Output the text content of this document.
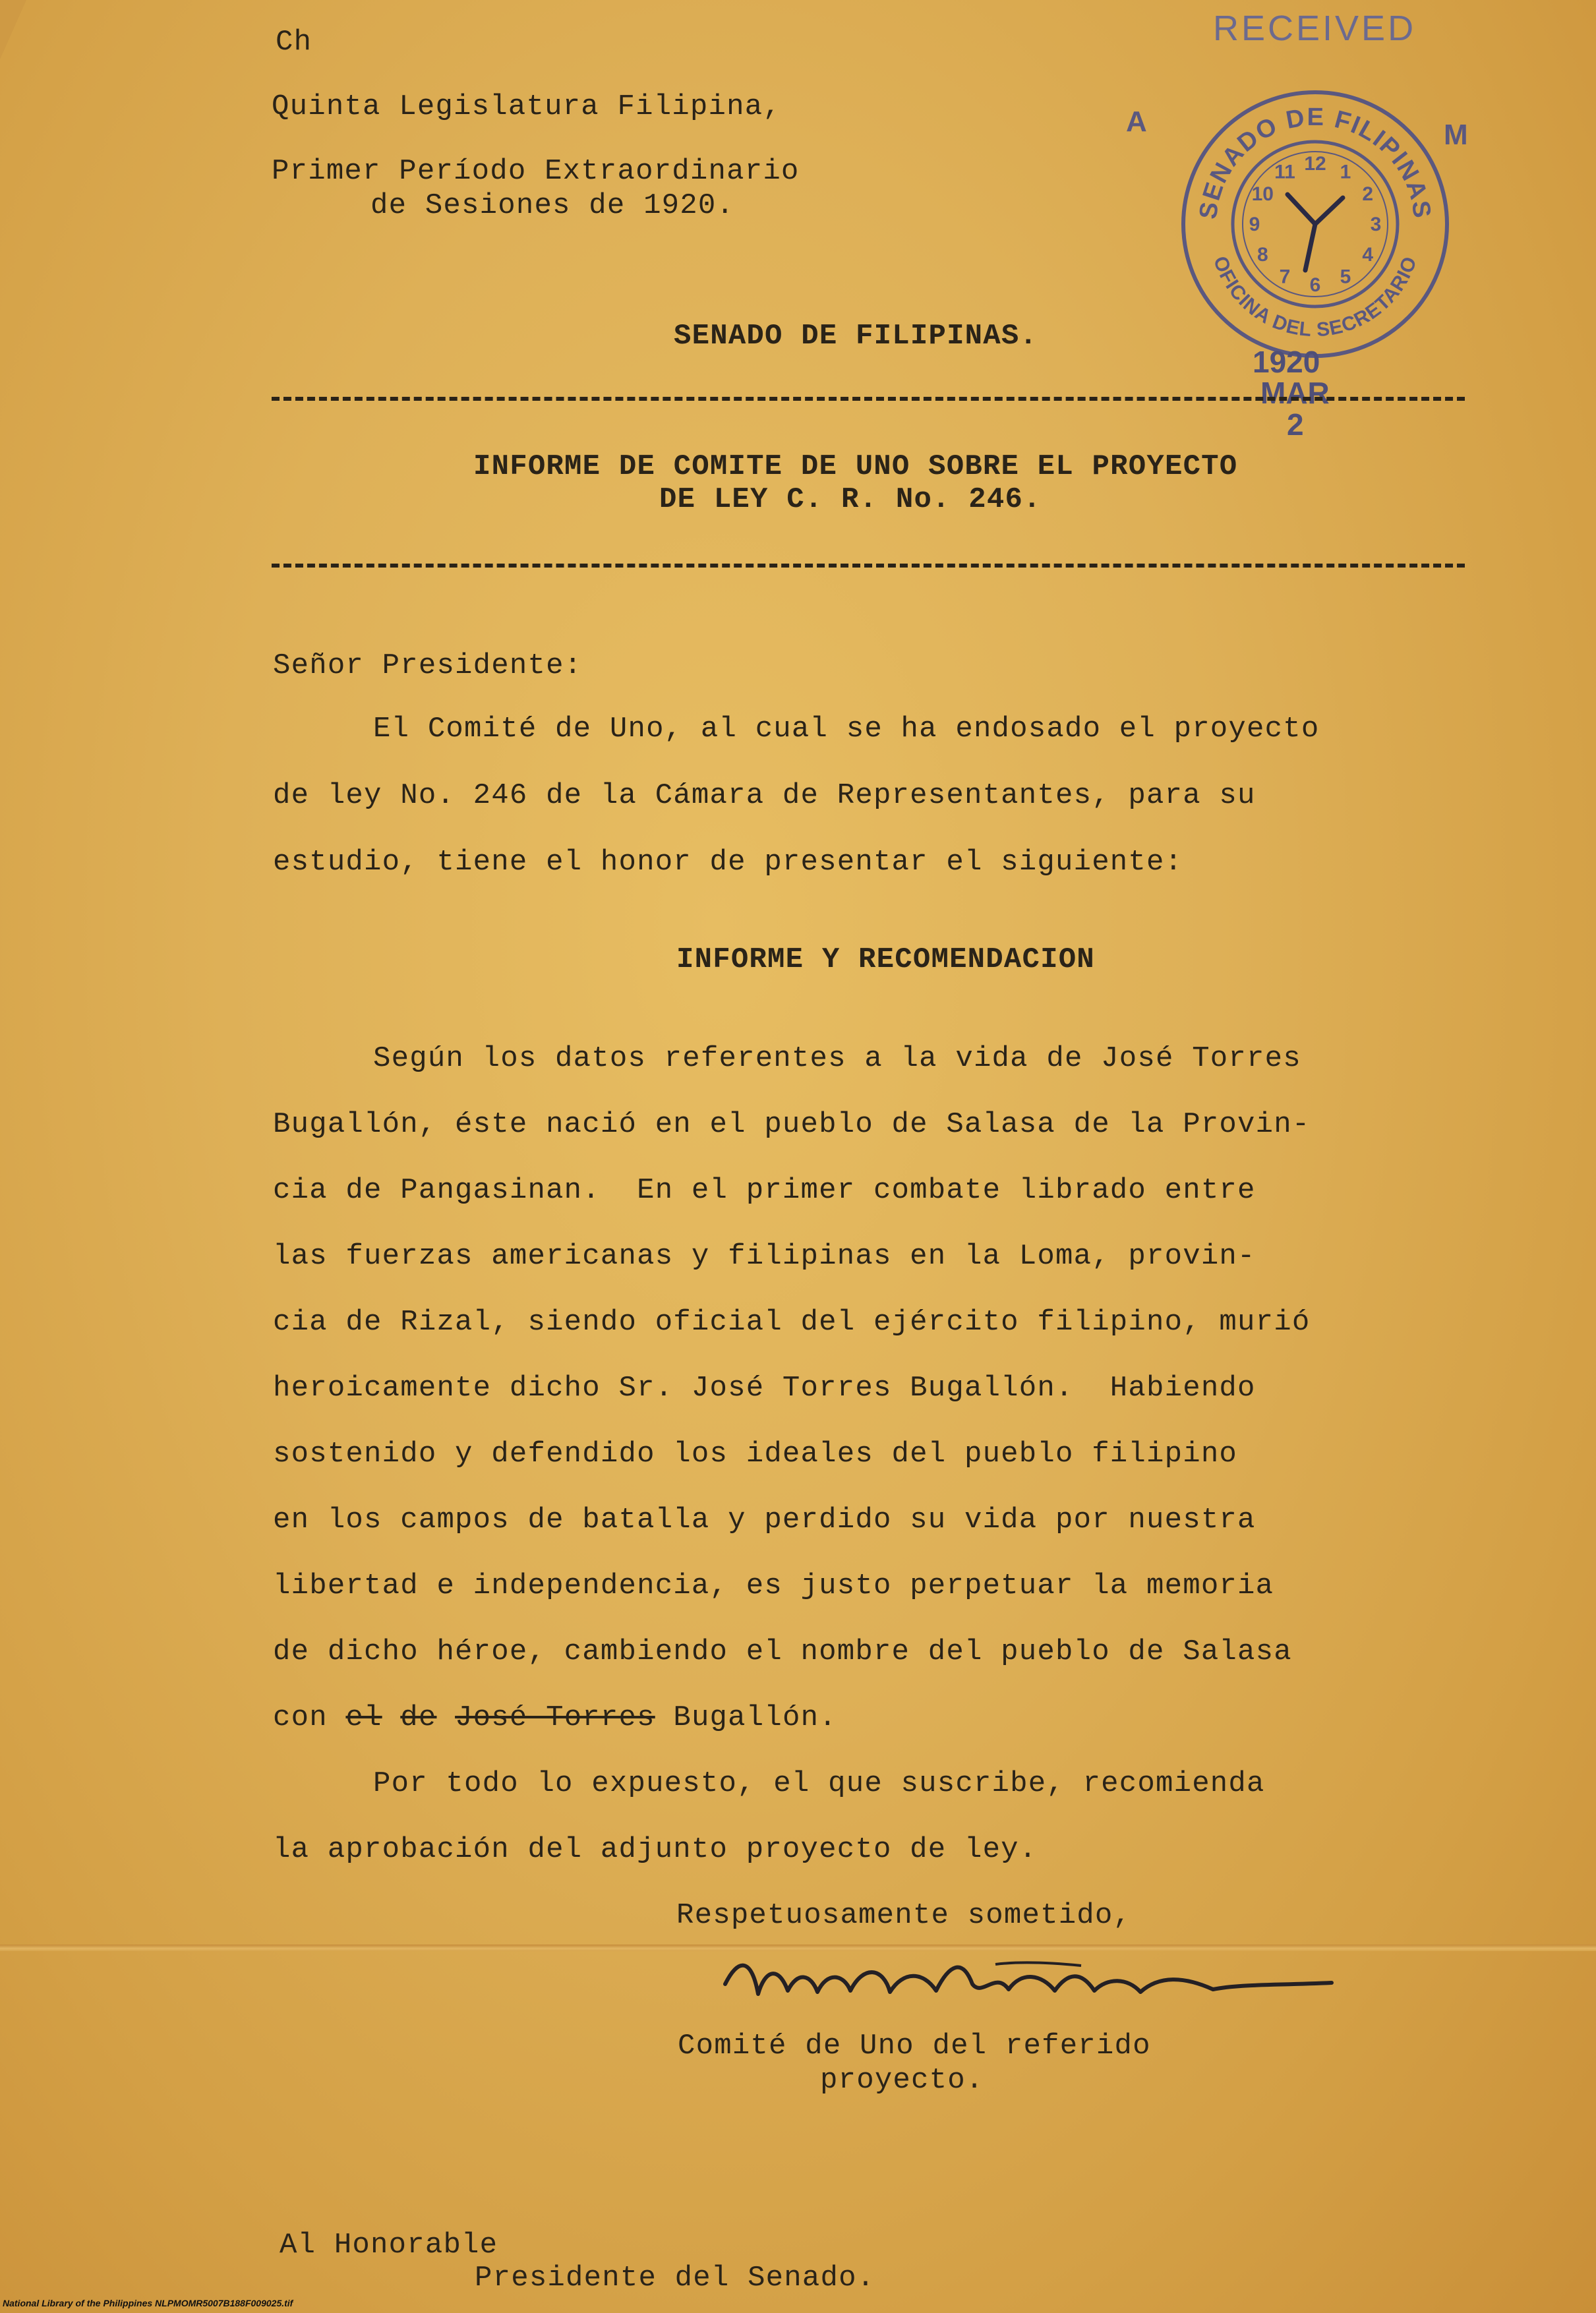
Ch
Quinta Legislatura Filipina,
Primer Período Extraordinario
de Sesiones de 1920.
RECEIVED
A	M
SENADO DE FILIPINAS
OFICINA DEL SECRETARIO
12 1
2
3
4
5
6
7
8
9
10
11
1920
MAR
2
SENADO DE FILIPINAS.
INFORME DE COMITE DE UNO SOBRE EL PROYECTO
DE LEY C. R. No. 246.
Señor Presidente:
El Comité de Uno, al cual se ha endosado el proyecto
de ley No. 246 de la Cámara de Representantes, para su
estudio, tiene el honor de presentar el siguiente:
INFORME Y RECOMENDACION
Según los datos referentes a la vida de José Torres
Bugallón, éste nació en el pueblo de Salasa de la Provin-
cia de Pangasinan.  En el primer combate librado entre
las fuerzas americanas y filipinas en la Loma, provin-
cia de Rizal, siendo oficial del ejército filipino, murió
heroicamente dicho Sr. José Torres Bugallón.  Habiendo
sostenido y defendido los ideales del pueblo filipino
en los campos de batalla y perdido su vida por nuestra
libertad e independencia, es justo perpetuar la memoria
de dicho héroe, cambiendo el nombre del pueblo de Salasa
con el de José Torres Bugallón.
Por todo lo expuesto, el que suscribe, recomienda
la aprobación del adjunto proyecto de ley.
Respetuosamente sometido,
Comité de Uno del referido
proyecto.
Al Honorable
Presidente del Senado.
National Library of the Philippines NLPMOMR5007B188F009025.tif
